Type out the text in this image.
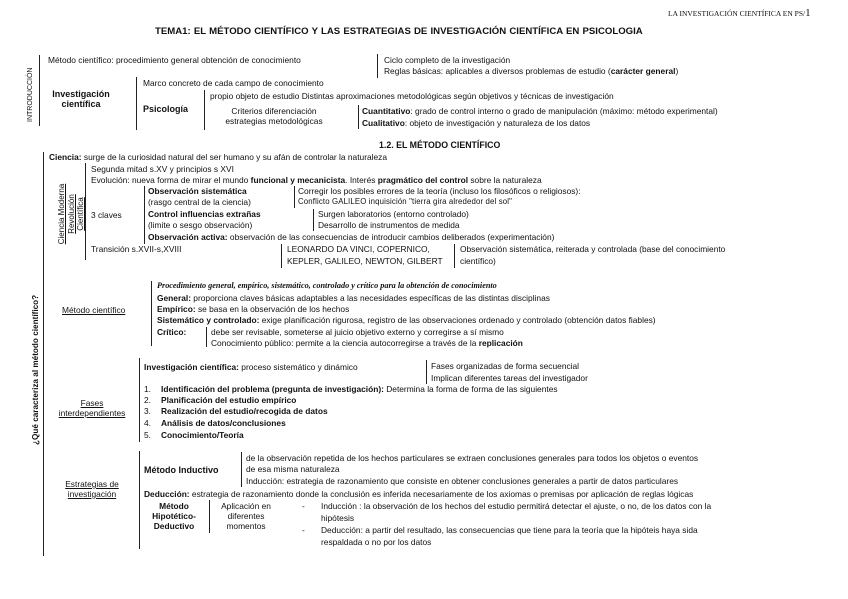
LA INVESTIGACIÓN CIENTÍFICA EN PS/1
TEMA1: EL MÉTODO CIENTÍFICO Y LAS ESTRATEGIAS DE INVESTIGACIÓN CIENTÍFICA EN PSICOLOGIA
INTRODUCCIÓN
Método científico: procedimiento general obtención de conocimiento	Ciclo completo de la investigación
Reglas básicas: aplicables a diversos problemas de estudio (carácter general)
Investigación
científica
Marco concreto de cada campo de conocimiento
Psicología
propio objeto de estudio Distintas aproximaciones metodológicas según objetivos y técnicas de investigación
Criterios diferenciación
estrategias metodológicas
Cuantitativo: grado de control interno o grado de manipulación (máximo: método experimental)
Cualitativo: objeto de investigación y naturaleza de los datos
1.2. EL MÉTODO CIENTÍFICO
¿Qué caracteriza al método científico?
Ciencia: surge de la curiosidad natural del ser humano y su afán de controlar la naturaleza
Ciencia Moderna
Revolución
Científica
Segunda mitad s.XV y principios s XVI
Evolución: nueva forma de mirar el mundo funcional y mecanicista. Interés pragmático del control sobre la naturaleza
3 claves
Observación sistemática
(rasgo central de la ciencia)
Corregir los posibles errores de la teoría (incluso los filosóficos o religiosos):
Conflicto GALILEO inquisición "tierra gira alrededor del sol"
Control influencias extrañas
(limite o sesgo observación)
Surgen laboratorios (entorno controlado)
Desarrollo de instrumentos de medida
Observación activa: observación de las consecuencias de introducir cambios deliberados (experimentación)
Transición s.XVII-s,XVIII	LEONARDO DA VINCI, COPERNICO,
KEPLER, GALILEO, NEWTON, GILBERT
Observación sistemática, reiterada y controlada (base del conocimiento
científico)
Método científico
Procedimiento general, empírico, sistemático, controlado y crítico para la obtención de conocimiento
General: proporciona claves básicas adaptables a las necesidades específicas de las distintas disciplinas
Empírico: se basa en la observación de los hechos
Sistemático y controlado: exige planificación rigurosa, registro de las observaciones ordenado y controlado (obtención datos fiables)
Crítico:	debe ser revisable, someterse al juicio objetivo externo y corregirse a sí mismo
Conocimiento público: permite a la ciencia autocorregirse a través de la replicación
Fases
interdependientes
Investigación científica: proceso sistemático y dinámico	Fases organizadas de forma secuencial
Implican diferentes tareas del investigador
1. Identificación del problema (pregunta de investigación): Determina la forma de forma de las siguientes
2. Planificación del estudio empírico
3. Realización del estudio/recogida de datos
4. Análisis de datos/conclusiones
5. Conocimiento/Teoría
Estrategias de
investigación
Método Inductivo
de la observación repetida de los hechos particulares se extraen conclusiones generales para todos los objetos o eventos
de esa misma naturaleza
Inducción: estrategia de razonamiento que consiste en obtener conclusiones generales a partir de datos particulares
Deducción: estrategia de razonamiento donde la conclusión es inferida necesariamente de los axiomas o premisas por aplicación de reglas lógicas
Método
Hipotético-
Deductivo
Aplicación en
diferentes
momentos
- Inducción : la observación de los hechos del estudio permitirá detectar el ajuste, o no, de los datos con la
hipótesis
- Deducción: a partir del resultado, las consecuencias que tiene para la teoría que la hipóteis haya sida
respaldada o no por los datos
